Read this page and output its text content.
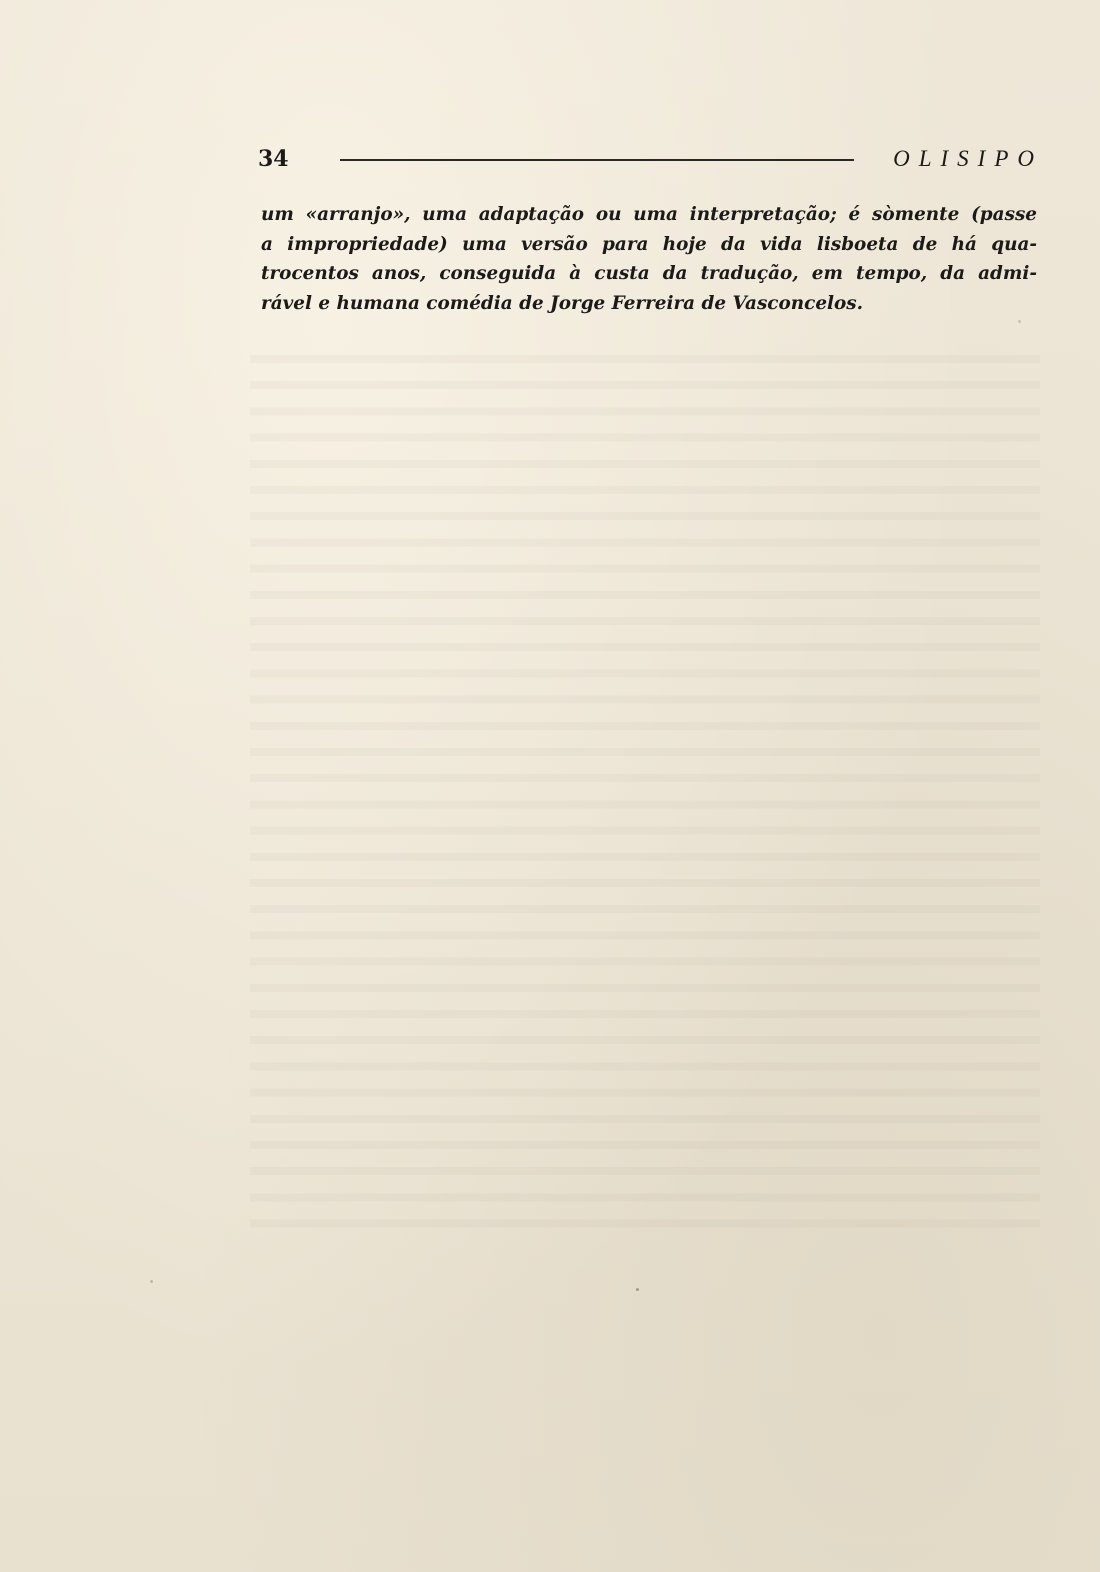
34	OLISIPO
um «arranjo», uma adaptação ou uma interpretação; é sòmente (passe
a impropriedade) uma versão para hoje da vida lisboeta de há qua-
trocentos anos, conseguida à custa da tradução, em tempo, da admi-
rável e humana comédia de Jorge Ferreira de Vasconcelos.
